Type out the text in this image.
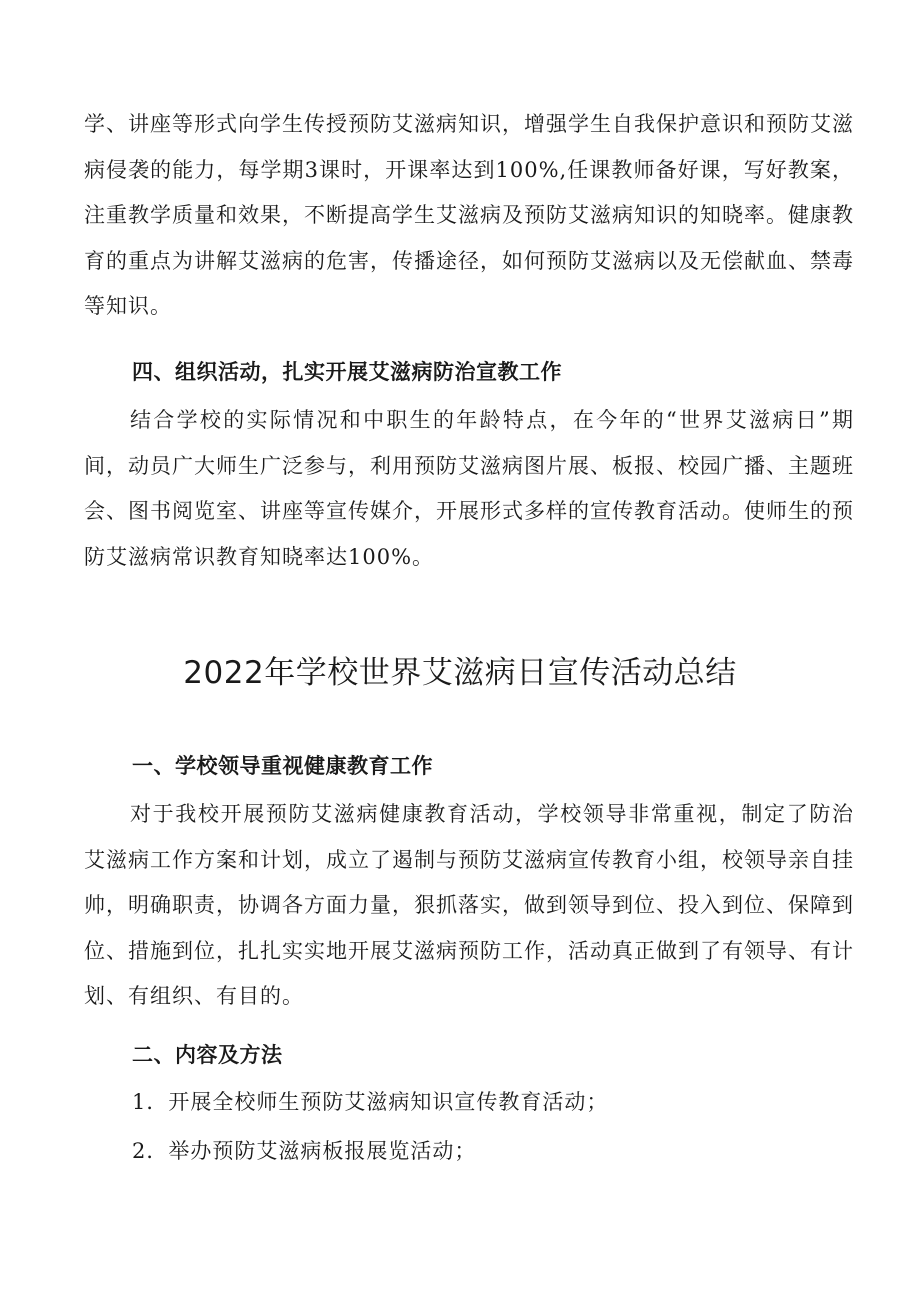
学、讲座等形式向学生传授预防艾滋病知识，增强学生自我保护意识和预防艾滋病侵袭的能力，每学期3课时，开课率达到100%,任课教师备好课，写好教案，注重教学质量和效果，不断提高学生艾滋病及预防艾滋病知识的知晓率。健康教育的重点为讲解艾滋病的危害，传播途径，如何预防艾滋病以及无偿献血、禁毒等知识。

四、组织活动，扎实开展艾滋病防治宣教工作

结合学校的实际情况和中职生的年龄特点，在今年的“世界艾滋病日”期间，动员广大师生广泛参与，利用预防艾滋病图片展、板报、校园广播、主题班会、图书阅览室、讲座等宣传媒介，开展形式多样的宣传教育活动。使师生的预防艾滋病常识教育知晓率达100%。

2022年学校世界艾滋病日宣传活动总结
一、学校领导重视健康教育工作

对于我校开展预防艾滋病健康教育活动，学校领导非常重视，制定了防治艾滋病工作方案和计划，成立了遏制与预防艾滋病宣传教育小组，校领导亲自挂帅，明确职责，协调各方面力量，狠抓落实，做到领导到位、投入到位、保障到位、措施到位，扎扎实实地开展艾滋病预防工作，活动真正做到了有领导、有计划、有组织、有目的。

二、内容及方法

1．开展全校师生预防艾滋病知识宣传教育活动；

2．举办预防艾滋病板报展览活动；
